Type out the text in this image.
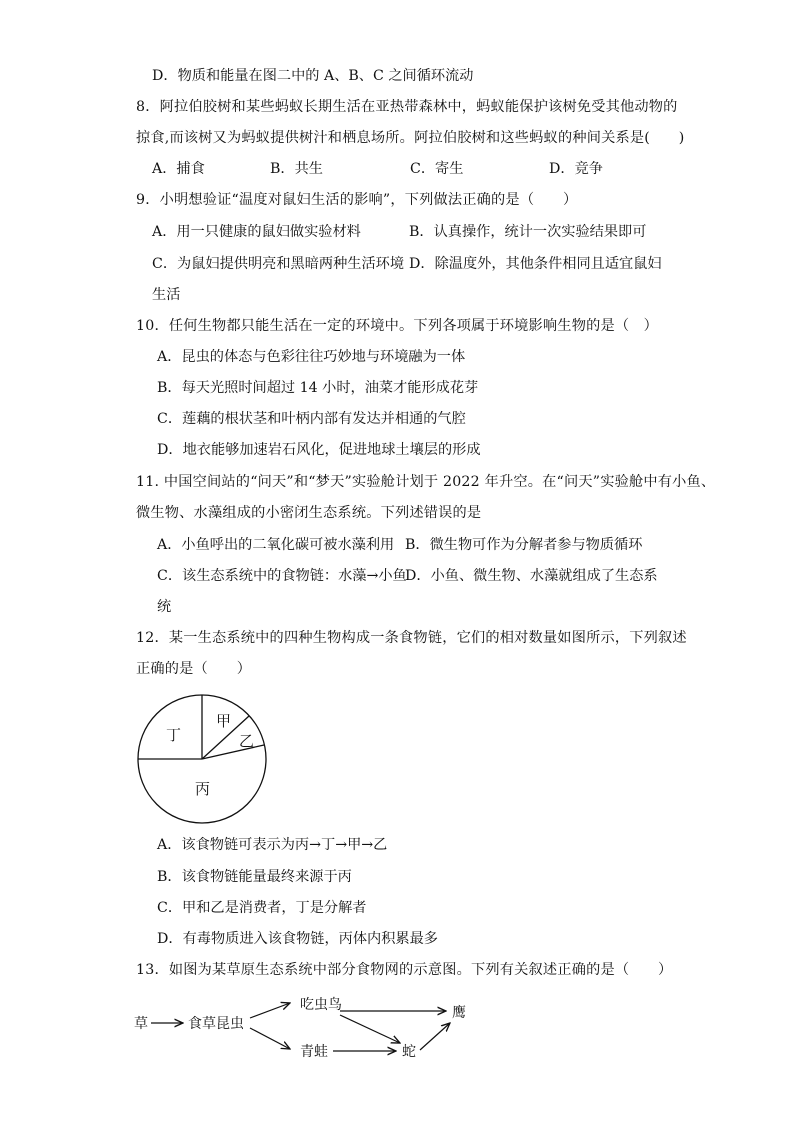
D．物质和能量在图二中的 A、B、C 之间循环流动
8．阿拉伯胶树和某些蚂蚁长期生活在亚热带森林中，蚂蚁能保护该树免受其他动物的
掠食,而该树又为蚂蚁提供树汁和栖息场所。阿拉伯胶树和这些蚂蚁的种间关系是(　　)
A．捕食	B．共生	C．寄生	D．竞争
9．小明想验证“温度对鼠妇生活的影响”，下列做法正确的是（　　）
A．用一只健康的鼠妇做实验材料	B．认真操作，统计一次实验结果即可
C．为鼠妇提供明亮和黑暗两种生活环境 D．除温度外，其他条件相同且适宜鼠妇
生活
10．任何生物都只能生活在一定的环境中。下列各项属于环境影响生物的是（　）
A．昆虫的体态与色彩往往巧妙地与环境融为一体
B．每天光照时间超过 14 小时，油菜才能形成花芽
C．莲藕的根状茎和叶柄内部有发达并相通的气腔
D．地衣能够加速岩石风化，促进地球土壤层的形成
11. 中国空间站的“问天”和“梦天”实验舱计划于 2022 年升空。在“问天”实验舱中有小鱼、
微生物、水藻组成的小密闭生态系统。下列述错误的是
A．小鱼呼出的二氧化碳可被水藻利用 B．微生物可作为分解者参与物质循环
C．该生态系统中的食物链：水藻→小鱼
D．小鱼、微生物、水藻就组成了生态系
统
12．某一生态系统中的四种生物构成一条食物链，它们的相对数量如图所示，下列叙述
正确的是（　　）
甲
乙
丙
丁
A．该食物链可表示为丙→丁→甲→乙
B．该食物链能量最终来源于丙
C．甲和乙是消费者，丁是分解者
D．有毒物质进入该食物链，丙体内积累最多
13．如图为某草原生态系统中部分食物网的示意图。下列有关叙述正确的是（　　）
草	食草昆虫
吃虫鸟
青蛙	蛇
鹰
